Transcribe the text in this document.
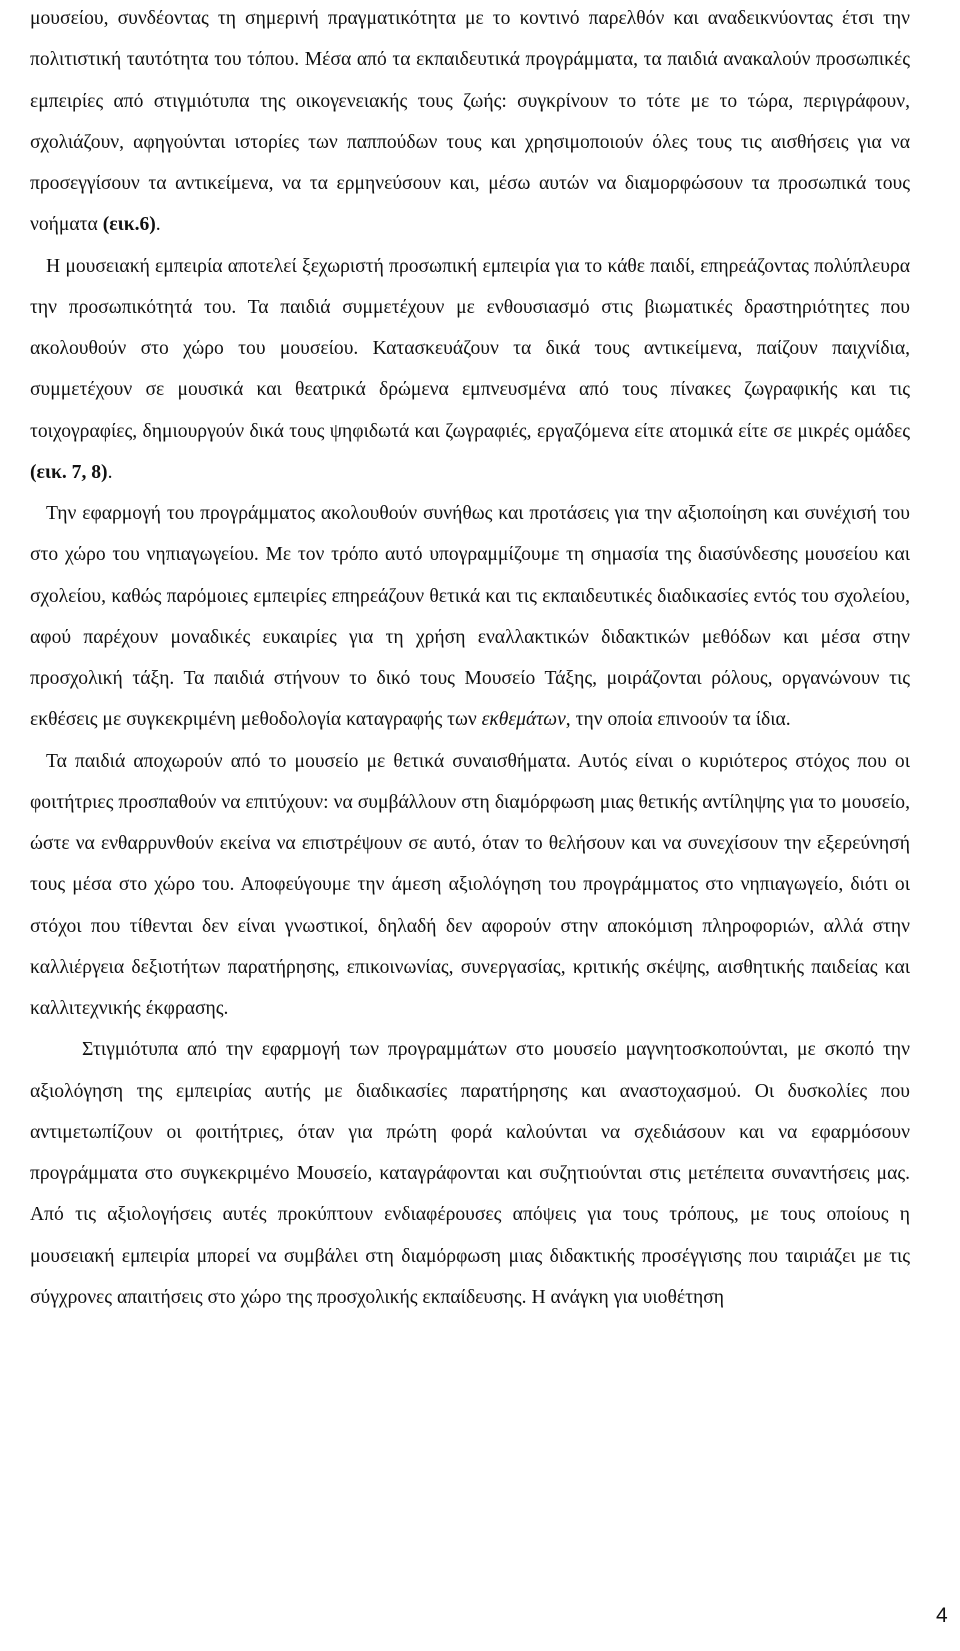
μουσείου, συνδέοντας τη σημερινή πραγματικότητα με το κοντινό παρελθόν και αναδεικνύοντας έτσι την πολιτιστική ταυτότητα του τόπου. Μέσα από τα εκπαιδευτικά προγράμματα, τα παιδιά ανακαλούν προσωπικές εμπειρίες από στιγμιότυπα της οικογενειακής τους ζωής: συγκρίνουν το τότε με το τώρα, περιγράφουν, σχολιάζουν, αφηγούνται ιστορίες των παππούδων τους και χρησιμοποιούν όλες τους τις αισθήσεις για να προσεγγίσουν τα αντικείμενα, να τα ερμηνεύσουν και, μέσω αυτών να διαμορφώσουν τα προσωπικά τους νοήματα (εικ.6).

Η μουσειακή εμπειρία αποτελεί ξεχωριστή προσωπική εμπειρία για το κάθε παιδί, επηρεάζοντας πολύπλευρα την προσωπικότητά του. Τα παιδιά συμμετέχουν με ενθουσιασμό στις βιωματικές δραστηριότητες που ακολουθούν στο χώρο του μουσείου. Κατασκευάζουν τα δικά τους αντικείμενα, παίζουν παιχνίδια, συμμετέχουν σε μουσικά και θεατρικά δρώμενα εμπνευσμένα από τους πίνακες ζωγραφικής και τις τοιχογραφίες, δημιουργούν δικά τους ψηφιδωτά και ζωγραφιές, εργαζόμενα είτε ατομικά είτε σε μικρές ομάδες (εικ. 7, 8).

Την εφαρμογή του προγράμματος ακολουθούν συνήθως και προτάσεις για την αξιοποίηση και συνέχισή του στο χώρο του νηπιαγωγείου. Με τον τρόπο αυτό υπογραμμίζουμε τη σημασία της διασύνδεσης μουσείου και σχολείου, καθώς παρόμοιες εμπειρίες επηρεάζουν θετικά και τις εκπαιδευτικές διαδικασίες εντός του σχολείου, αφού παρέχουν μοναδικές ευκαιρίες για τη χρήση εναλλακτικών διδακτικών μεθόδων και μέσα στην προσχολική τάξη. Τα παιδιά στήνουν το δικό τους Μουσείο Τάξης, μοιράζονται ρόλους, οργανώνουν τις εκθέσεις με συγκεκριμένη μεθοδολογία καταγραφής των εκθεμάτων, την οποία επινοούν τα ίδια.

Τα παιδιά αποχωρούν από το μουσείο με θετικά συναισθήματα. Αυτός είναι ο κυριότερος στόχος που οι φοιτήτριες προσπαθούν να επιτύχουν: να συμβάλλουν στη διαμόρφωση μιας θετικής αντίληψης για το μουσείο, ώστε να ενθαρρυνθούν εκείνα να επιστρέψουν σε αυτό, όταν το θελήσουν και να συνεχίσουν την εξερεύνησή τους μέσα στο χώρο του. Αποφεύγουμε την άμεση αξιολόγηση του προγράμματος στο νηπιαγωγείο, διότι οι στόχοι που τίθενται δεν είναι γνωστικοί, δηλαδή δεν αφορούν στην αποκόμιση πληροφοριών, αλλά στην καλλιέργεια δεξιοτήτων παρατήρησης, επικοινωνίας, συνεργασίας, κριτικής σκέψης, αισθητικής παιδείας και καλλιτεχνικής έκφρασης.

Στιγμιότυπα από την εφαρμογή των προγραμμάτων στο μουσείο μαγνητοσκοπούνται, με σκοπό την αξιολόγηση της εμπειρίας αυτής με διαδικασίες παρατήρησης και αναστοχασμού. Οι δυσκολίες που αντιμετωπίζουν οι φοιτήτριες, όταν για πρώτη φορά καλούνται να σχεδιάσουν και να εφαρμόσουν προγράμματα στο συγκεκριμένο Μουσείο, καταγράφονται και συζητιούνται στις μετέπειτα συναντήσεις μας. Από τις αξιολογήσεις αυτές προκύπτουν ενδιαφέρουσες απόψεις για τους τρόπους, με τους οποίους η μουσειακή εμπειρία μπορεί να συμβάλει στη διαμόρφωση μιας διδακτικής προσέγγισης που ταιριάζει με τις σύγχρονες απαιτήσεις στο χώρο της προσχολικής εκπαίδευσης. Η ανάγκη για υιοθέτηση

4
